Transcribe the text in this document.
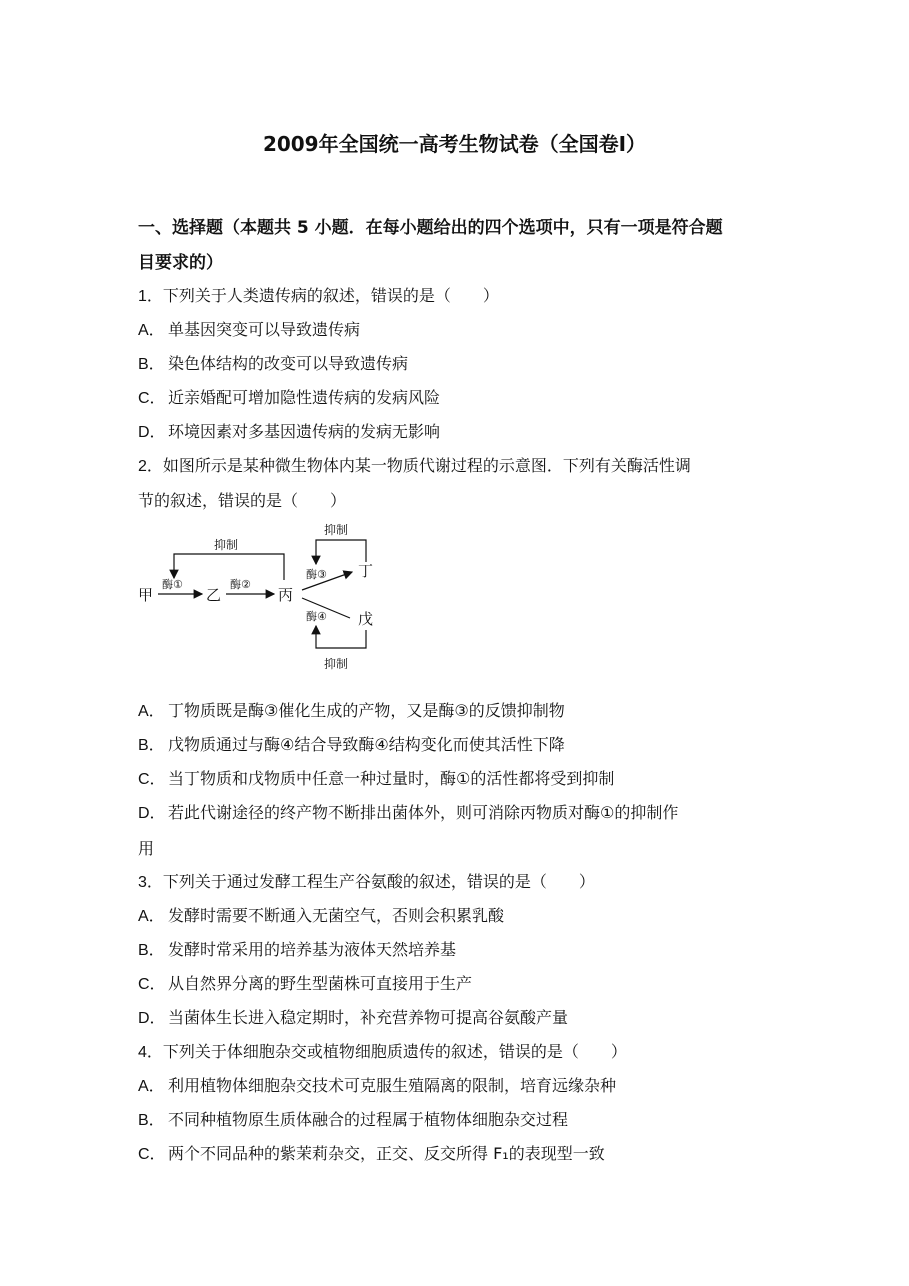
2009年全国统一高考生物试卷（全国卷Ⅰ）
一、选择题（本题共 5 小题．在每小题给出的四个选项中，只有一项是符合题
目要求的）
1．下列关于人类遗传病的叙述，错误的是（　　）
A． 单基因突变可以导致遗传病
B． 染色体结构的改变可以导致遗传病
C． 近亲婚配可增加隐性遗传病的发病风险
D． 环境因素对多基因遗传病的发病无影响
2．如图所示是某种微生物体内某一物质代谢过程的示意图．下列有关酶活性调
节的叙述，错误的是（　　）
甲
酶①
乙
酶②
丙
抑制
酶③
酶④
丁
戊
抑制
抑制
A． 丁物质既是酶③催化生成的产物，又是酶③的反馈抑制物
B． 戊物质通过与酶④结合导致酶④结构变化而使其活性下降
C． 当丁物质和戊物质中任意一种过量时，酶①的活性都将受到抑制
D． 若此代谢途径的终产物不断排出菌体外，则可消除丙物质对酶①的抑制作
用
3．下列关于通过发酵工程生产谷氨酸的叙述，错误的是（　　）
A． 发酵时需要不断通入无菌空气，否则会积累乳酸
B． 发酵时常采用的培养基为液体天然培养基
C． 从自然界分离的野生型菌株可直接用于生产
D． 当菌体生长进入稳定期时，补充营养物可提高谷氨酸产量
4．下列关于体细胞杂交或植物细胞质遗传的叙述，错误的是（　　）
A． 利用植物体细胞杂交技术可克服生殖隔离的限制，培育远缘杂种
B． 不同种植物原生质体融合的过程属于植物体细胞杂交过程
C． 两个不同品种的紫茉莉杂交，正交、反交所得 F₁的表现型一致
